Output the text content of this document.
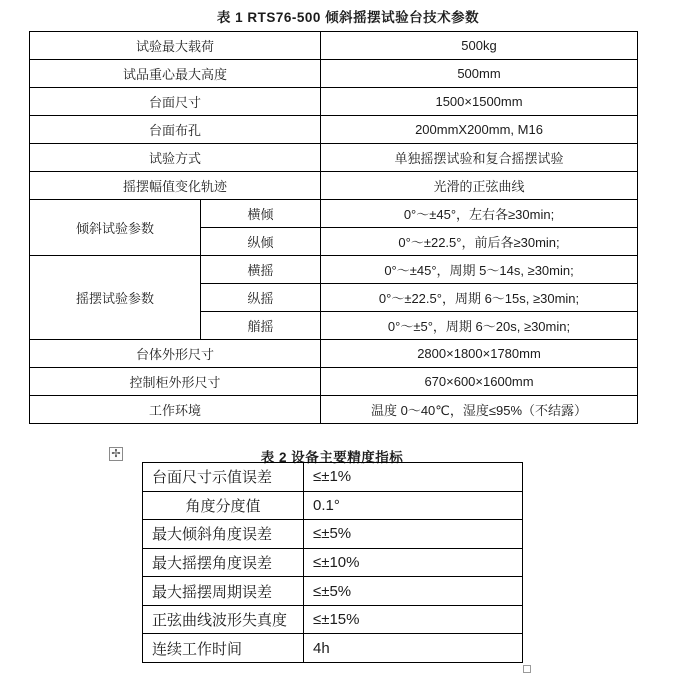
表 1 RTS76-500 倾斜摇摆试验台技术参数
试验最大载荷		500kg
试品重心最大高度		500mm
台面尺寸		1500×1500mm
台面布孔		200mmX200mm, M16
试验方式		单独摇摆试验和复合摇摆试验
摇摆幅值变化轨迹		光滑的正弦曲线
倾斜试验参数	横倾	0°～±45°，左右各≥30min;
	纵倾	0°～±22.5°，前后各≥30min;
摇摆试验参数	横摇	0°～±45°，周期 5～14s, ≥30min;
	纵摇	0°～±22.5°，周期 6～15s, ≥30min;
	艏摇	0°～±5°，周期 6～20s, ≥30min;
台体外形尺寸		2800×1800×1780mm
控制柜外形尺寸		670×600×1600mm
工作环境		温度 0～40℃，湿度≤95%（不结露）
✢	表 2 设备主要精度指标
台面尺寸示值误差	≤±1%
角度分度值	0.1°
最大倾斜角度误差	≤±5%
最大摇摆角度误差	≤±10%
最大摇摆周期误差	≤±5%
正弦曲线波形失真度	≤±15%
连续工作时间	4h
